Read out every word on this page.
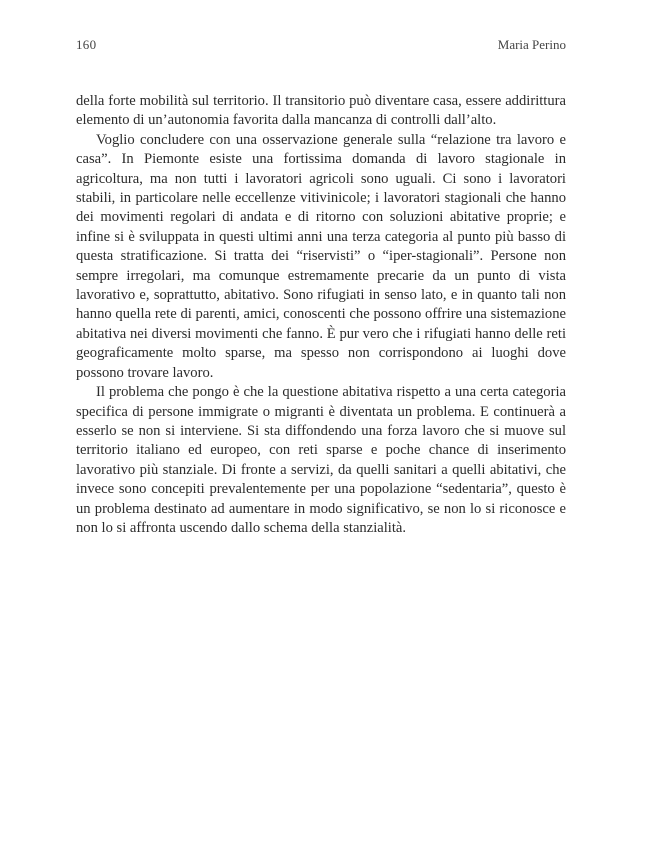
160	Maria Perino

della forte mobilità sul territorio. Il transitorio può diventare casa, essere addirittura elemento di un’autonomia favorita dalla mancanza di controlli dall’alto.

Voglio concludere con una osservazione generale sulla “relazione tra lavoro e casa”. In Piemonte esiste una fortissima domanda di lavoro stagionale in agricoltura, ma non tutti i lavoratori agricoli sono uguali. Ci sono i lavoratori stabili, in particolare nelle eccellenze vitivinicole; i lavoratori stagionali che hanno dei movimenti regolari di andata e di ritorno con soluzioni abitative proprie; e infine si è sviluppata in questi ultimi anni una terza categoria al punto più basso di questa stratificazione. Si tratta dei “riservisti” o “iper-stagionali”. Persone non sempre irregolari, ma comunque estremamente precarie da un punto di vista lavorativo e, soprattutto, abitativo. Sono rifugiati in senso lato, e in quanto tali non hanno quella rete di parenti, amici, conoscenti che possono offrire una sistemazione abitativa nei diversi movimenti che fanno. È pur vero che i rifugiati hanno delle reti geograficamente molto sparse, ma spesso non corrispondono ai luoghi dove possono trovare lavoro.

Il problema che pongo è che la questione abitativa rispetto a una certa categoria specifica di persone immigrate o migranti è diventata un problema. E continuerà a esserlo se non si interviene. Si sta diffondendo una forza lavoro che si muove sul territorio italiano ed europeo, con reti sparse e poche chance di inserimento lavorativo più stanziale. Di fronte a servizi, da quelli sanitari a quelli abitativi, che invece sono concepiti prevalentemente per una popolazione “sedentaria”, questo è un problema destinato ad aumentare in modo significativo, se non lo si riconosce e non lo si affronta uscendo dallo schema della stanzialità.
